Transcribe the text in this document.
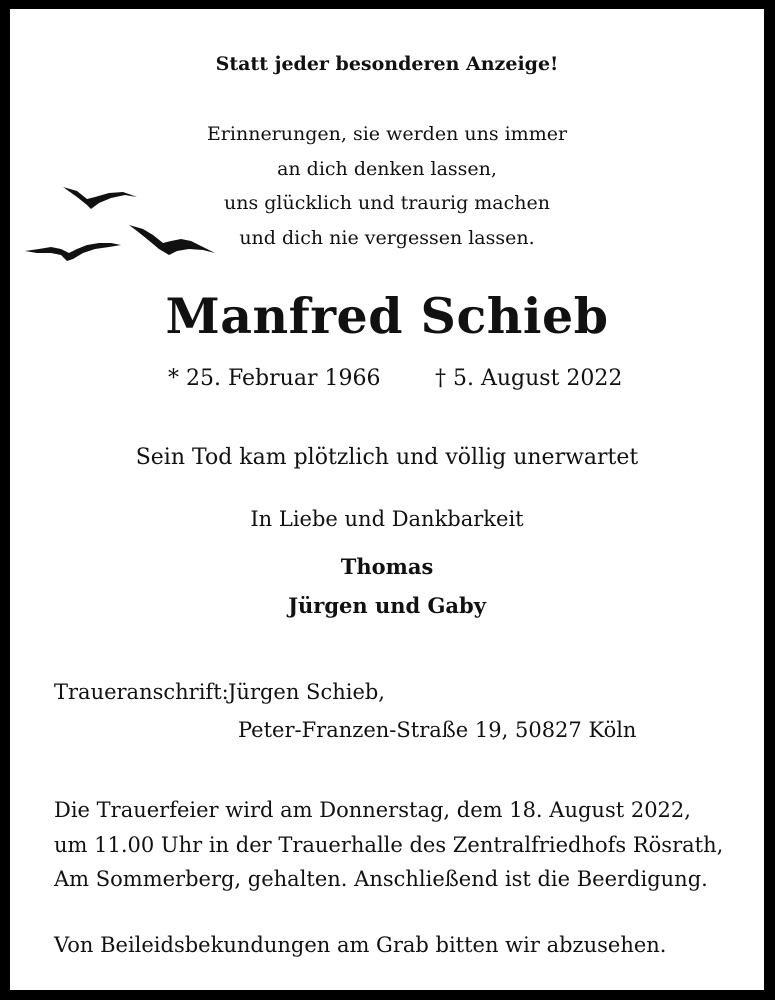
Statt jeder besonderen Anzeige!
Erinnerungen, sie werden uns immer
an dich denken lassen,
uns glücklich und traurig machen
und dich nie vergessen lassen.
Manfred Schieb
* 25. Februar 1966 † 5. August 2022
Sein Tod kam plötzlich und völlig unerwartet
In Liebe und Dankbarkeit
Thomas
Jürgen und Gaby
Traueranschrift: Jürgen Schieb,
Peter-Franzen-Straße 19, 50827 Köln
Die Trauerfeier wird am Donnerstag, dem 18. August 2022,
um 11.00 Uhr in der Trauerhalle des Zentralfriedhofs Rösrath,
Am Sommerberg, gehalten. Anschließend ist die Beerdigung.
Von Beileidsbekundungen am Grab bitten wir abzusehen.
